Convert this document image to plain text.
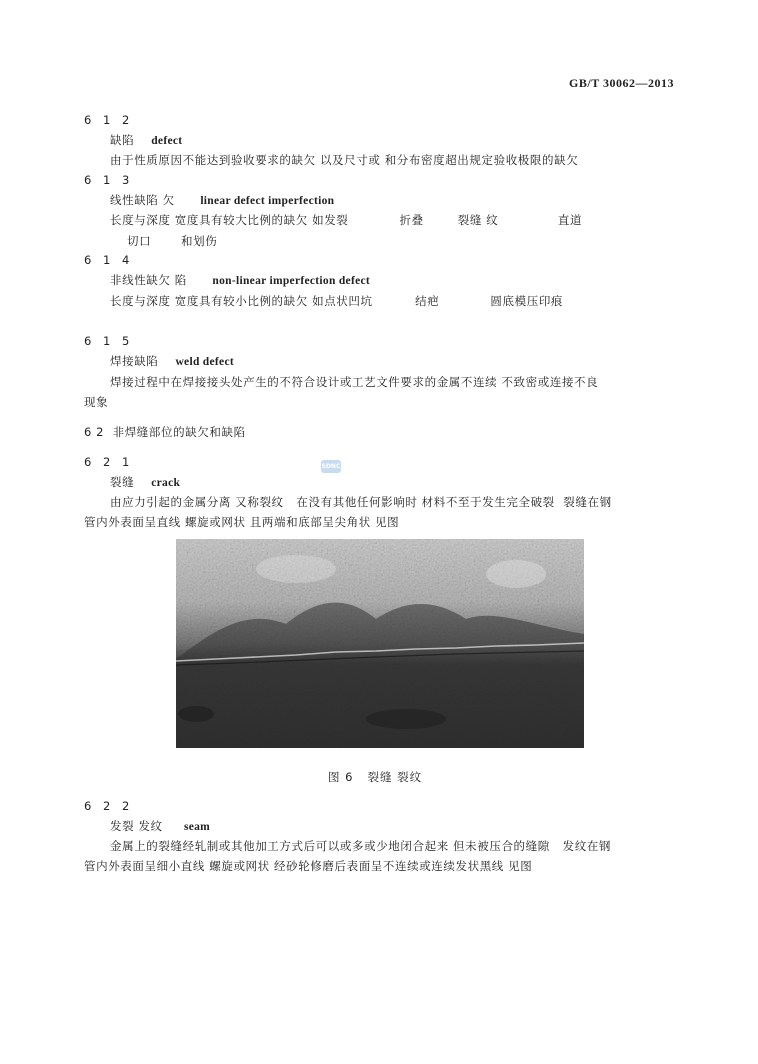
GB/T 30062—2013
6 1 2
缺陷 defect
由于性质原因不能达到验收要求的缺欠 以及尺寸或 和分布密度超出规定验收极限的缺欠
6 1 3
线性缺陷 欠 linear defect imperfection
长度与深度 宽度具有较大比例的缺欠 如发裂            折叠        裂缝 纹              直道
切口       和划伤
6 1 4
非线性缺欠 陷 non-linear imperfection defect
长度与深度 宽度具有较小比例的缺欠 如点状凹坑          结疤            圆底模压印痕
6 1 5
焊接缺陷 weld defect
焊接过程中在焊接接头处产生的不符合设计或工艺文件要求的金属不连续 不致密或连接不良
现象
6 2  非焊缝部位的缺欠和缺陷
6 2 1	SDNC
裂缝 crack
由应力引起的金属分离 又称裂纹   在没有其他任何影响时 材料不至于发生完全破裂  裂缝在钢
管内外表面呈直线 螺旋或网状 且两端和底部呈尖角状 见图
图 6   裂缝 裂纹
6 2 2
发裂 发纹 seam
金属上的裂缝经轧制或其他加工方式后可以或多或少地闭合起来 但未被压合的缝隙   发纹在钢
管内外表面呈细小直线 螺旋或网状 经砂轮修磨后表面呈不连续或连续发状黑线 见图
